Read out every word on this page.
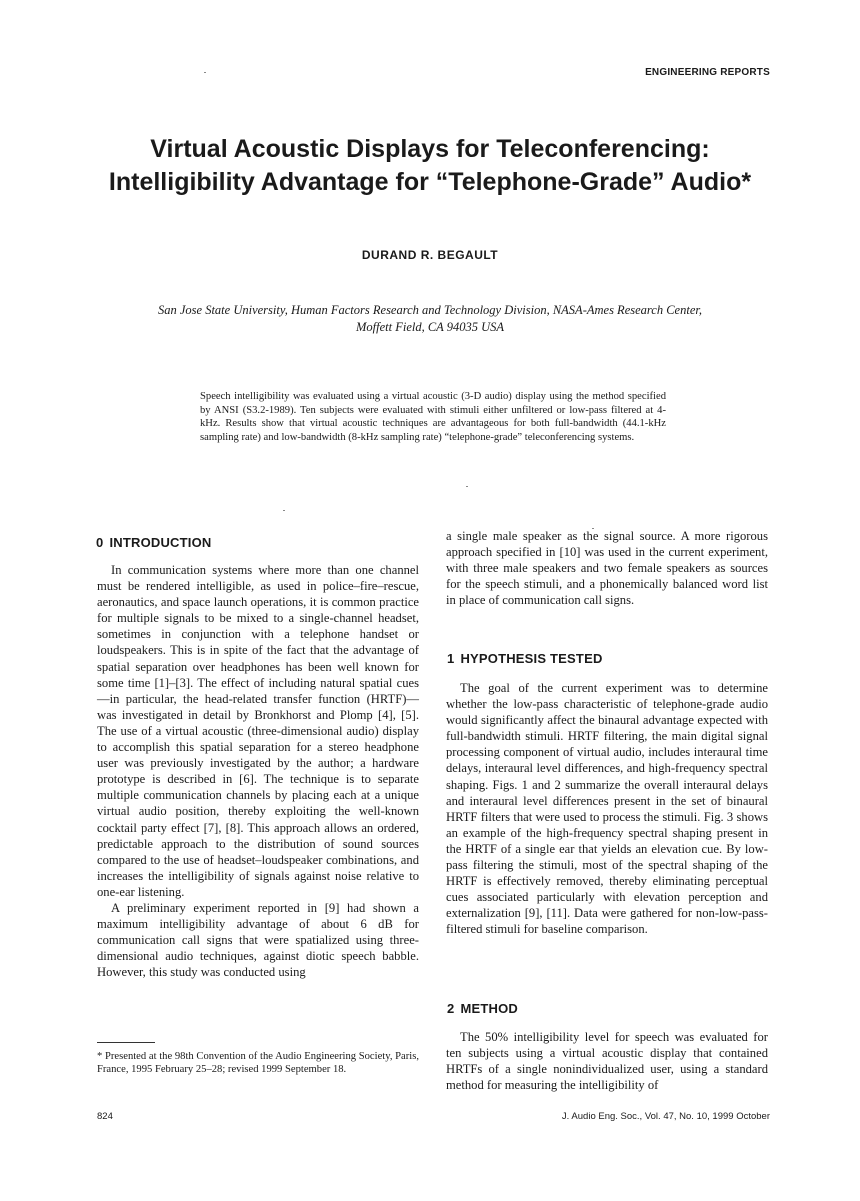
ENGINEERING REPORTS
Virtual Acoustic Displays for Teleconferencing:
Intelligibility Advantage for “Telephone-Grade” Audio*
DURAND R. BEGAULT
San Jose State University, Human Factors Research and Technology Division, NASA-Ames Research Center,
Moffett Field, CA 94035 USA
Speech intelligibility was evaluated using a virtual acoustic (3-D audio) display using the method specified by ANSI (S3.2-1989). Ten subjects were evaluated with stimuli either unfiltered or low-pass filtered at 4-kHz. Results show that virtual acoustic techniques are advantageous for both full-bandwidth (44.1-kHz sampling rate) and low-bandwidth (8-kHz sampling rate) “telephone-grade” teleconferencing systems.
0 INTRODUCTION

In communication systems where more than one channel must be rendered intelligible, as used in police–fire–rescue, aeronautics, and space launch operations, it is common practice for multiple signals to be mixed to a single-channel headset, sometimes in conjunction with a telephone handset or loudspeakers. This is in spite of the fact that the advantage of spatial separation over headphones has been well known for some time [1]–[3]. The effect of including natural spatial cues—in particular, the head-related transfer function (HRTF)—was investigated in detail by Bronkhorst and Plomp [4], [5]. The use of a virtual acoustic (three-dimensional audio) display to accomplish this spatial separation for a stereo headphone user was previously investigated by the author; a hardware prototype is described in [6]. The technique is to separate multiple communication channels by placing each at a unique virtual audio position, thereby exploiting the well-known cocktail party effect [7], [8]. This approach allows an ordered, predictable approach to the distribution of sound sources compared to the use of headset–loudspeaker combinations, and increases the intelligibility of signals against noise relative to one-ear listening.

A preliminary experiment reported in [9] had shown a maximum intelligibility advantage of about 6 dB for communication call signs that were spatialized using three-dimensional audio techniques, against diotic speech babble. However, this study was conducted using

* Presented at the 98th Convention of the Audio Engineering Society, Paris, France, 1995 February 25–28; revised 1999 September 18.

a single male speaker as the signal source. A more rigorous approach specified in [10] was used in the current experiment, with three male speakers and two female speakers as sources for the speech stimuli, and a phonemically balanced word list in place of communication call signs.

1 HYPOTHESIS TESTED

The goal of the current experiment was to determine whether the low-pass characteristic of telephone-grade audio would significantly affect the binaural advantage expected with full-bandwidth stimuli. HRTF filtering, the main digital signal processing component of virtual audio, includes interaural time delays, interaural level differences, and high-frequency spectral shaping. Figs. 1 and 2 summarize the overall interaural delays and interaural level differences present in the set of binaural HRTF filters that were used to process the stimuli. Fig. 3 shows an example of the high-frequency spectral shaping present in the HRTF of a single ear that yields an elevation cue. By low-pass filtering the stimuli, most of the spectral shaping of the HRTF is effectively removed, thereby eliminating perceptual cues associated particularly with elevation perception and externalization [9], [11]. Data were gathered for non-low-pass-filtered stimuli for baseline comparison.

2 METHOD

The 50% intelligibility level for speech was evaluated for ten subjects using a virtual acoustic display that contained HRTFs of a single nonindividualized user, using a standard method for measuring the intelligibility of

824	J. Audio Eng. Soc., Vol. 47, No. 10, 1999 October
